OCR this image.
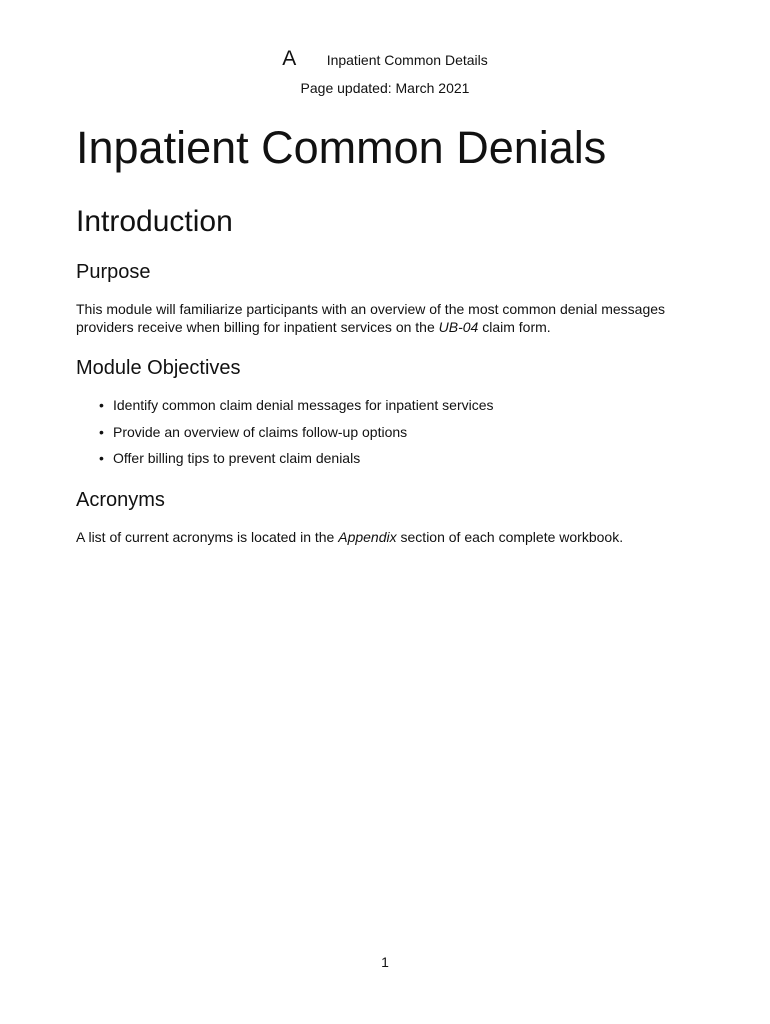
A Inpatient Common Details
Page updated: March 2021
Inpatient Common Denials
Introduction
Purpose

This module will familiarize participants with an overview of the most common denial messages providers receive when billing for inpatient services on the UB-04 claim form.

Module Objectives
• Identify common claim denial messages for inpatient services
• Provide an overview of claims follow-up options
• Offer billing tips to prevent claim denials
Acronyms

A list of current acronyms is located in the Appendix section of each complete workbook.

1
